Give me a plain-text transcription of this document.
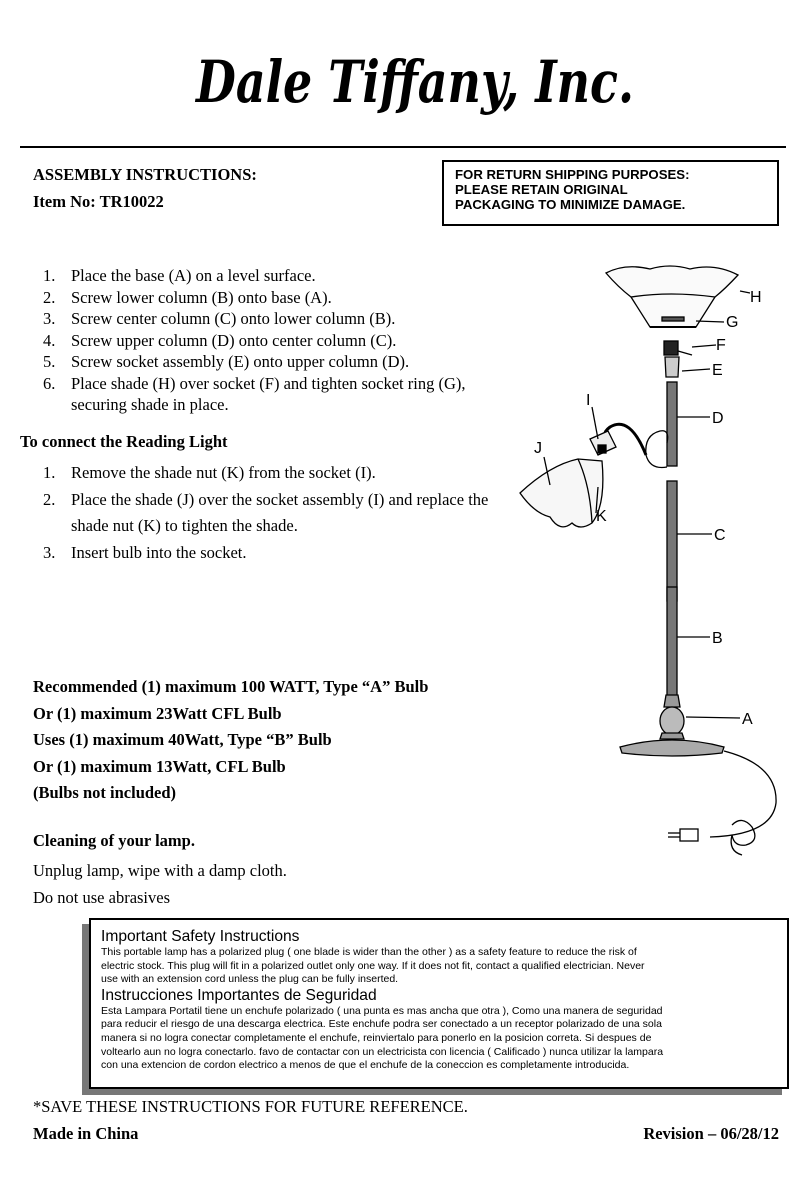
Dale Tiffany, Inc.
ASSEMBLY INSTRUCTIONS:
Item No: TR10022
FOR RETURN SHIPPING PURPOSES:
PLEASE RETAIN ORIGINAL
PACKAGING TO MINIMIZE DAMAGE.
1. Place the base (A) on a level surface.
2. Screw lower column (B) onto base (A).
3. Screw center column (C) onto lower column (B).
4. Screw upper column (D) onto center column (C).
5. Screw socket assembly (E) onto upper column (D).
6. Place shade (H) over socket (F) and tighten socket ring (G), securing shade in place.
To connect the Reading Light
1. Remove the shade nut (K) from the socket (I).
2. Place the shade (J) over the socket assembly (I) and replace the shade nut (K) to tighten the shade.
3. Insert bulb into the socket.
Recommended (1) maximum 100 WATT, Type “A” Bulb
Or (1) maximum 23Watt CFL Bulb
Uses (1) maximum 40Watt, Type “B” Bulb
Or (1) maximum 13Watt, CFL Bulb
(Bulbs not included)
Cleaning of your lamp.
Unplug lamp, wipe with a damp cloth.
Do not use abrasives
Important Safety Instructions
This portable lamp has a polarized plug ( one blade is wider than the other ) as a safety feature to reduce the risk of
electric stock. This plug will fit in a polarized outlet only one way. If it does not fit, contact a qualified electrician. Never
use with an extension cord unless the plug can be fully inserted.
Instrucciones Importantes de Seguridad
Esta Lampara Portatil tiene un enchufe polarizado ( una punta es mas ancha que otra ), Como una manera de seguridad
para reducir el riesgo de una descarga electrica. Este enchufe podra ser conectado a un receptor polarizado de una sola
manera si no logra conectar completamente el enchufe, reinviertalo para ponerlo en la posicion correta. Si despues de
voltearlo aun no logra conectarlo. favo de contactar con un electricista con licencia ( Calificado ) nunca utilizar la lampara
con una extencion de cordon electrico a menos de que el enchufe de la coneccion es completamente introducida.
*SAVE THESE INSTRUCTIONS FOR FUTURE REFERENCE.
Made in China	Revision – 06/28/12
H
G
F
E
D
I
J
K
C
B
A
